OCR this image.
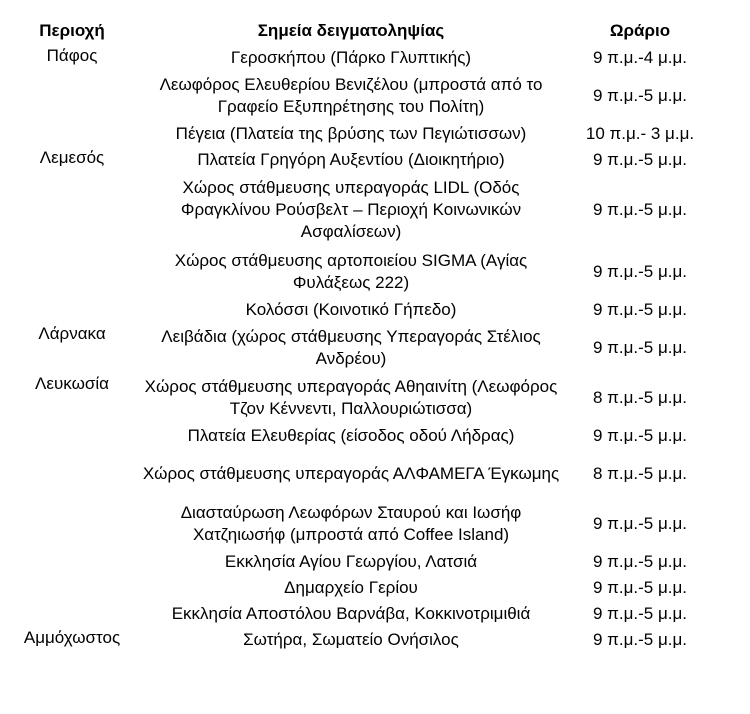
Περιοχή	Σημεία δειγματοληψίας	Ωράριο
Πάφος	Γεροσκήπου (Πάρκο Γλυπτικής)	9 π.μ.-4 μ.μ.
	Λεωφόρος Ελευθερίου Βενιζέλου (μπροστά από το Γραφείο Εξυπηρέτησης του Πολίτη)	9 π.μ.-5 μ.μ.
	Πέγεια (Πλατεία της βρύσης των Πεγιώτισσων)	10 π.μ.- 3 μ.μ.
Λεμεσός	Πλατεία Γρηγόρη Αυξεντίου (Διοικητήριο)	9 π.μ.-5 μ.μ.
	Χώρος στάθμευσης υπεραγοράς LIDL (Οδός Φραγκλίνου Ρούσβελτ – Περιοχή Κοινωνικών Ασφαλίσεων)	9 π.μ.-5 μ.μ.
	Χώρος στάθμευσης αρτοποιείου SIGMA (Αγίας Φυλάξεως 222)	9 π.μ.-5 μ.μ.
	Κολόσσι (Κοινοτικό Γήπεδο)	9 π.μ.-5 μ.μ.
Λάρνακα	Λειβάδια (χώρος στάθμευσης Υπεραγοράς Στέλιος Ανδρέου)	9 π.μ.-5 μ.μ.
Λευκωσία	Χώρος στάθμευσης υπεραγοράς Αθηαινίτη (Λεωφόρος Τζον Κέννεντι, Παλλουριώτισσα)	8 π.μ.-5 μ.μ.
	Πλατεία Ελευθερίας (είσοδος οδού Λήδρας)	9 π.μ.-5 μ.μ.
	Χώρος στάθμευσης υπεραγοράς ΑΛΦΑΜΕΓΑ Έγκωμης	8 π.μ.-5 μ.μ.
	Διασταύρωση Λεωφόρων Σταυρού και Ιωσήφ Χατζηιωσήφ (μπροστά από Coffee Island)	9 π.μ.-5 μ.μ.
	Εκκλησία Αγίου Γεωργίου, Λατσιά	9 π.μ.-5 μ.μ.
	Δημαρχείο Γερίου	9 π.μ.-5 μ.μ.
	Εκκλησία Αποστόλου Βαρνάβα, Κοκκινοτριμιθιά	9 π.μ.-5 μ.μ.
Αμμόχωστος	Σωτήρα, Σωματείο Ονήσιλος	9 π.μ.-5 μ.μ.
